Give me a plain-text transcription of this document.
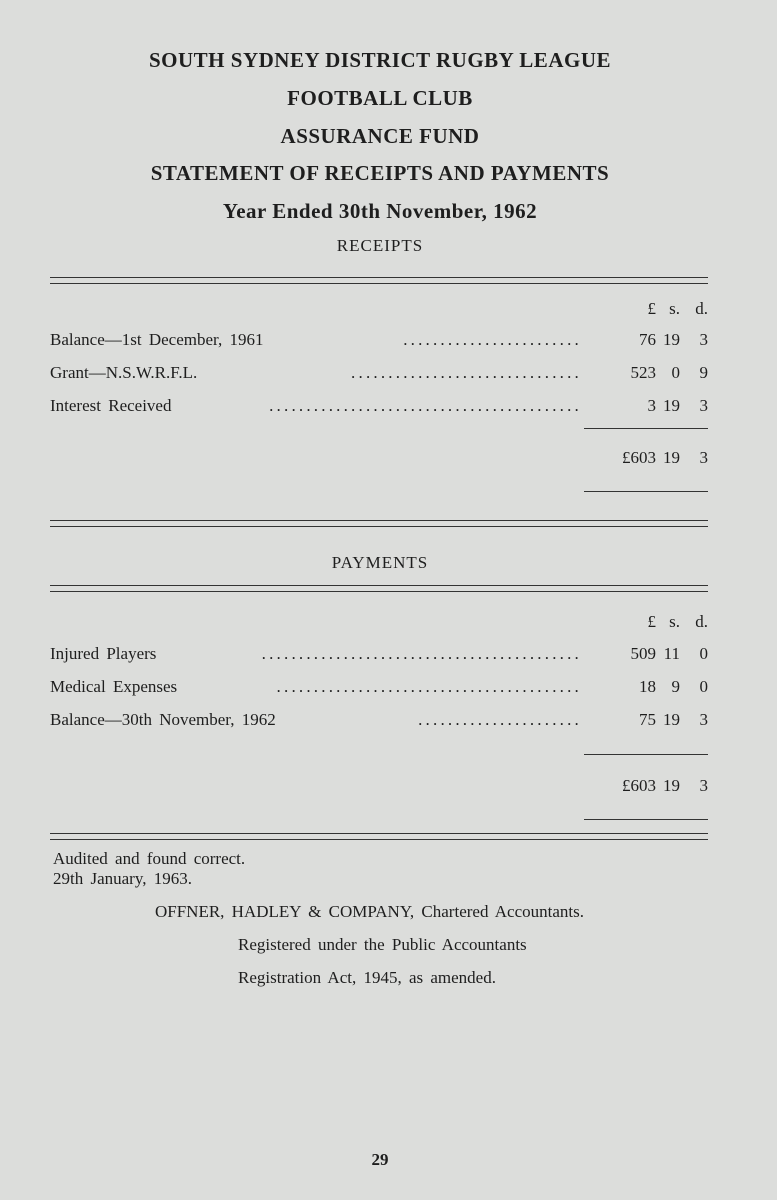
SOUTH SYDNEY DISTRICT RUGBY LEAGUE
FOOTBALL CLUB
ASSURANCE FUND
STATEMENT OF RECEIPTS AND PAYMENTS
Year Ended 30th November, 1962
RECEIPTS
£ s. d.
Balance—1st December, 1961	........................	76 19	3
Grant—N.S.W.R.F.L.	...............................	523 0	9
Interest Received	..........................................	3 19	3
£603 19	3
PAYMENTS
£ s. d.
Injured Players	...........................................	509 11	0
Medical Expenses	.........................................	18 9	0
Balance—30th November, 1962	......................	75 19	3
£603 19	3
Audited and found correct.
29th January, 1963.
OFFNER, HADLEY & COMPANY, Chartered Accountants.
Registered under the Public Accountants
Registration Act, 1945, as amended.
29
